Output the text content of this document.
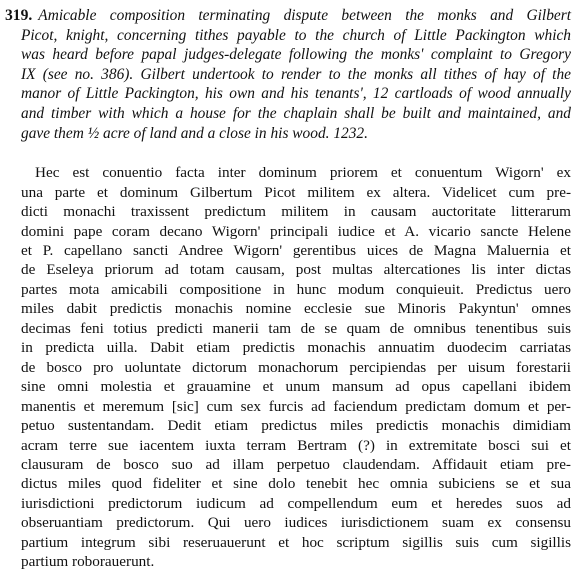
319. Amicable composition terminating dispute between the monks and Gilbert
Picot, knight, concerning tithes payable to the church of Little Packington which
was heard before papal judges-delegate following the monks' complaint to Gregory
IX (see no. 386). Gilbert undertook to render to the monks all tithes of hay of the
manor of Little Packington, his own and his tenants', 12 cartloads of wood annually
and timber with which a house for the chaplain shall be built and maintained, and
gave them ½ acre of land and a close in his wood. 1232.
Hec est conuentio facta inter dominum priorem et conuentum Wigorn' ex
una parte et dominum Gilbertum Picot militem ex altera. Videlicet cum pre-
dicti monachi traxissent predictum militem in causam auctoritate litterarum
domini pape coram decano Wigorn' principali iudice et A. vicario sancte Helene
et P. capellano sancti Andree Wigorn' gerentibus uices de Magna Maluernia et
de Eseleya priorum ad totam causam, post multas altercationes lis inter dictas
partes mota amicabili compositione in hunc modum conquieuit. Predictus uero
miles dabit predictis monachis nomine ecclesie sue Minoris Pakyntun' omnes
decimas feni totius predicti manerii tam de se quam de omnibus tenentibus suis
in predicta uilla. Dabit etiam predictis monachis annuatim duodecim carriatas
de bosco pro uoluntate dictorum monachorum percipiendas per uisum forestarii
sine omni molestia et grauamine et unum mansum ad opus capellani ibidem
manentis et meremum [sic] cum sex furcis ad faciendum predictam domum et per-
petuo sustentandam. Dedit etiam predictus miles predictis monachis dimidiam
acram terre sue iacentem iuxta terram Bertram (?) in extremitate bosci sui et
clausuram de bosco suo ad illam perpetuo claudendam. Affidauit etiam pre-
dictus miles quod fideliter et sine dolo tenebit hec omnia subiciens se et sua
iurisdictioni predictorum iudicum ad compellendum eum et heredes suos ad
obseruantiam predictorum. Qui uero iudices iurisdictionem suam ex consensu
partium integrum sibi reseruauerunt et hoc scriptum sigillis suis cum sigillis
partium roborauerunt.
